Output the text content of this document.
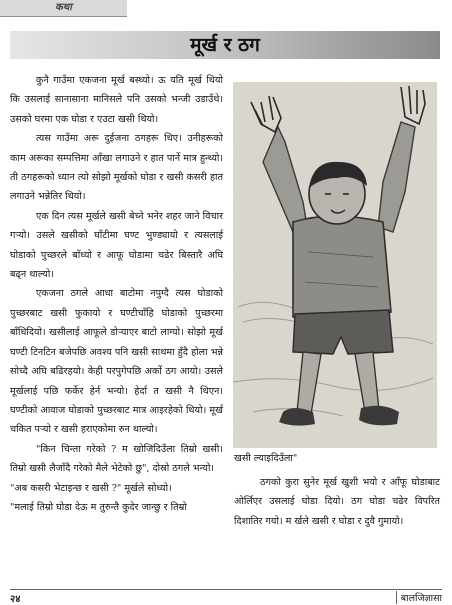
कथा
मूर्ख र ठग

कुनै गाउँमा एकजना मूर्ख बस्थ्यो। ऊ यति मूर्ख थियो कि उसलाई सानासाना मानिसले पनि उसको भन्जी उडाउँथे। उसको घरमा एक घोडा र एउटा खसी थियो।

त्यस गाउँमा अरू दुईजना ठगहरू थिए। उनीहरूको काम अरूका सम्पत्तिमा आँखा लगाउने र हात पार्ने मात्र हुन्थ्यो। ती ठगहरूको ध्यान त्यो सोझो मूर्खको घोडा र खसी कसरी हात लगाउने भन्नेतिर थियो।

एक दिन त्यस मूर्खले खसी बेच्ने भनेर शहर जाने विचार गर्‍यो। उसले खसीको घाँटीमा घण्ट भुण्ड्यायो र त्यसलाई घोडाको पुच्छरले बाँध्यो र आफू घोडामा चढेर बिस्तारै अघि बढ्न थाल्यो।

एकजना ठगले आधा बाटोमा नपुग्दै त्यस घोडाको पुच्छरबाट खसी फुकायो र घण्टीचाँहि घोडाको पुच्छरमा बाँधिदियो। खसीलाई आफूले डोऱ्याएर बाटो लाग्यो। सोझो मूर्ख घण्टी टिनटिन बजेपछि अवश्य पनि खसी साथमा हुँदै होला भन्ने सोच्दै अघि बढिरहयो। केही परपुगेपछि अर्को ठग आयो। उसले मूर्खलाई पछि फर्केर हेर्न भन्यो। हेर्दा त खसी नै थिएन। घण्टीको आवाज घोडाको पुच्छरबाट मात्र आइरहेको थियो। मूर्ख चकित पर्‍यो र खसी हराएकोमा रुन थाल्यो।

"किन चिन्ता गरेको ? म खोजिदिउँला तिम्रो खसी। तिम्रो खसी लैजाँदै गरेको मैले भेटेको छु", दोस्रो ठगले भन्यो।

"अब कसरी भेटाइन्छ र खसी ?" मूर्खले सोध्यो।

"मलाई तिम्रो घोडा देऊ म तुरुन्तै कुदेर जान्छु र तिम्रो

खसी ल्याइदिउँला"

ठगको कुरा सुनेर मूर्ख खुशी भयो र आँफू घोडाबाट ओर्लिएर उसलाई घोडा दियो। ठग घोडा चढेर विपरित दिशातिर गयो। म र्खले खसी र घोडा र दुवै गुमायो।

२४	बालजिज्ञासा
